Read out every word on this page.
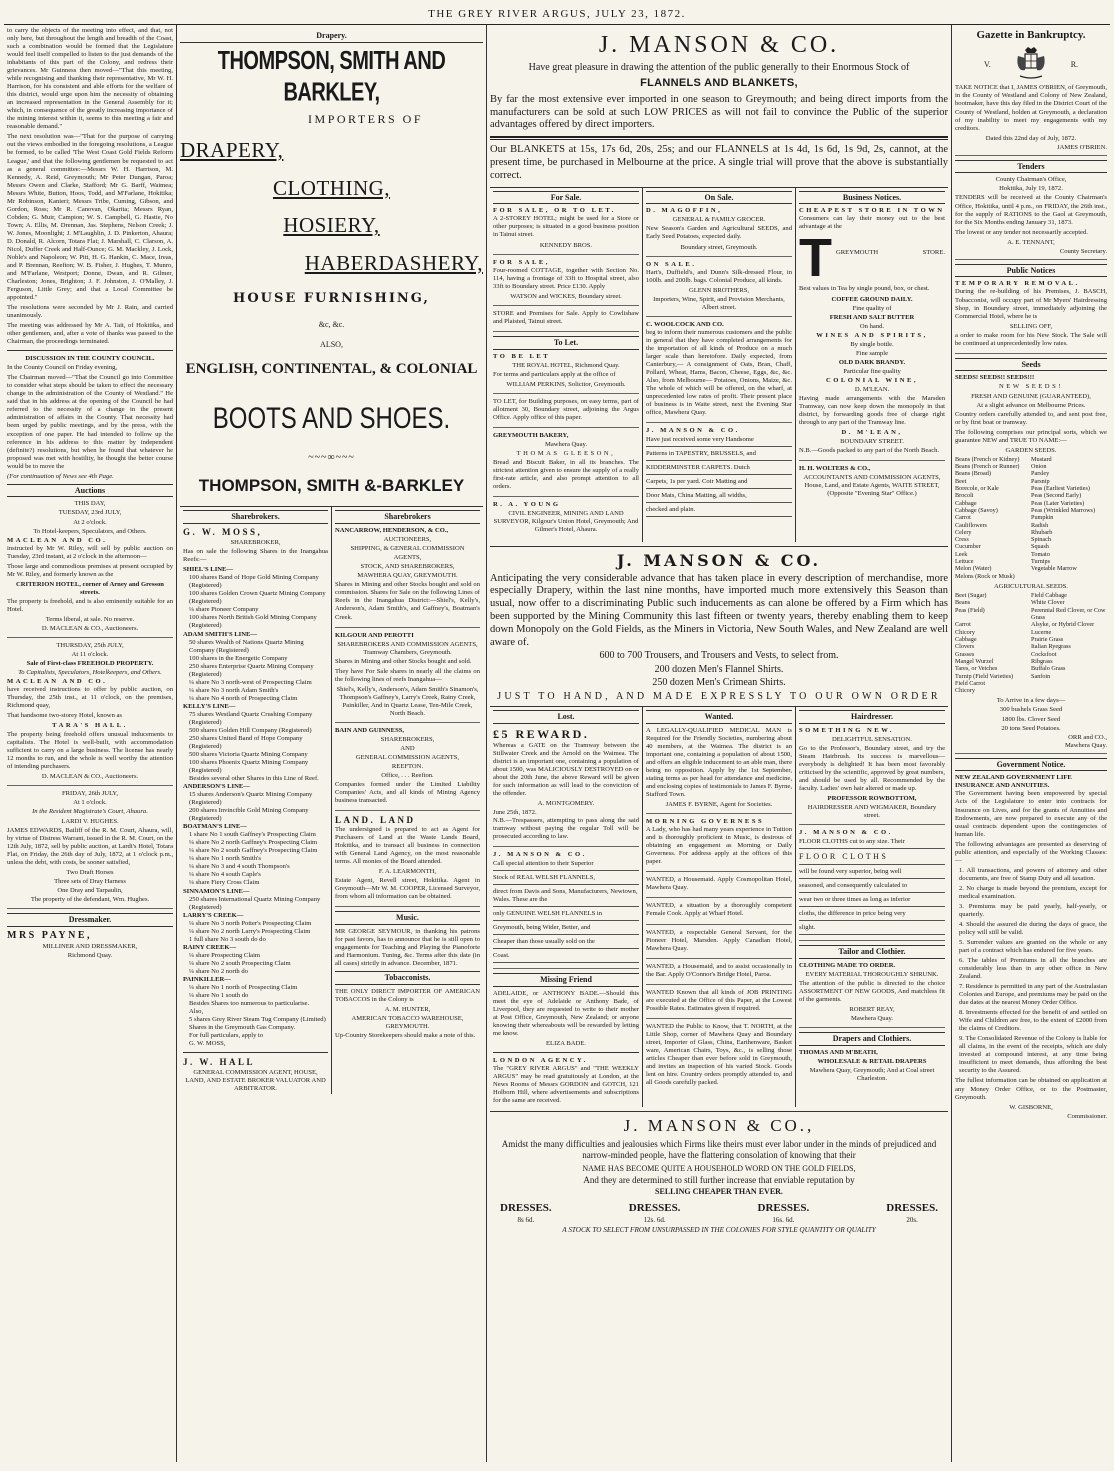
THE GREY RIVER ARGUS, JULY 23, 1872.

to carry the objects of the meeting into effect, and that, not only here, but throughout the length and breadth of the Coast, such a combination would be formed that the Legislature would feel itself compelled to listen to the just demands of the inhabitants of this part of the Colony, and redress their grievances. Mr Guinness then moved—"That this meeting, while recognising and thanking their representative, Mr W. H. Harrison, for his consistent and able efforts for the welfare of this district, would urge upon him the necessity of obtaining an increased representation in the General Assembly for it; which, in consequence of the greatly increasing importance of the mining interest within it, seems to this meeting a fair and reasonable demand."

The next resolution was—"That for the purpose of carrying out the views embodied in the foregoing resolutions, a League be formed, to be called 'The West Coast Gold Fields Reform League,' and that the following gentlemen be requested to act as a general committee:—Messrs W. H. Harrison, M. Kennedy, A. Reid, Greymouth; Mr Peter Dungan, Paroa; Messrs Owen and Clarke, Stafford; Mr G. Barff, Waimea; Messrs White, Button, Hoos, Todd, and M'Farlane, Hokitika; Mr Robinson, Kanieri; Messrs Tribe, Cuming, Gibson, and Gordon, Ross; Mr R. Canovan, Okarita; Messrs Ryan, Cobden; G. Muir, Campion; W. S. Campbell, G. Hastie, No Town; A. Ellis, M. Drennan, Jas. Stephens, Nelson Creek; J. W. Jones, Moonlight; J. M'Laughlin, J. D. Pinkerton, Ahaura; D. Donald, R. Alcorn, Totara Flat; J. Marshall, C. Clarson, A. Nicol, Duffer Creek and Half-Ounce; G. M. Mackley, J. Lock, Noble's and Napoleon; W. Pitt, H. G. Hankin, C. Mace, Ireas, and P. Brennan, Reefton; W. B. Fisher, J. Hughes, T. Munro, and M'Farlane, Westport; Donne, Dwan, and R. Gilmer, Charleston; Jones, Brighton; J. F. Johnston, J. O'Malley, J. Ferguson, Little Grey; and that a Local Committee be appointed."

The resolutions were seconded by Mr J. Rain, and carried unanimously.

The meeting was addressed by Mr A. Tait, of Hokitika, and other gentlemen, and, after a vote of thanks was passed to the Chairman, the proceedings terminated.

DISCUSSION IN THE COUNTY COUNCIL.

In the County Council on Friday evening,

The Chairman moved—"That the Council go into Committee to consider what steps should be taken to effect the necessary change in the administration of the County of Westland." He said that in his address at the opening of the Council he had referred to the necessity of a change in the present administration of affairs in the County. That necessity had been urged by public meetings, and by the press, with the exception of one paper. He had intended to follow up the reference in his address to this matter by independent (definite?) resolutions, but when he found that whatever he proposed was met with hostility, he thought the better course would be to move the

(For continuation of News see 4th Page.
Auctions
THIS DAY,
TUESDAY, 23rd JULY,
At 2 o'clock.
To Hotel-keepers, Speculators, and Others.
MACLEAN AND CO.

instructed by Mr W. Riley, will sell by public auction on Tuesday, 23rd instant, at 2 o'clock in the afternoon—

Those large and commodious premises at present occupied by Mr W. Riley, and formerly known as the

CRITERION HOTEL, corner of Arney and Gresson streets.

The property is freehold, and is also eminently suitable for an Hotel.

Terms liberal, at sale. No reserve.
D. MACLEAN & CO., Auctioneers.
THURSDAY, 25th JULY,
At 11 o'clock.
Sale of First-class FREEHOLD PROPERTY.
To Capitalists, Speculators, Hotelkeepers, and Others.
MACLEAN AND CO.

have received instructions to offer by public auction, on Thursday, the 25th inst., at 11 o'clock, on the premises, Richmond quay,

That handsome two-storey Hotel, known as

TARA'S HALL.

The property being freehold offers unusual inducements to capitalists. The Hotel is well-built, with accommodation sufficient to carry on a large business. The license has nearly 12 months to run, and the whole is well worthy the attention of intending purchasers.

D. MACLEAN & CO., Auctioneers.
FRIDAY, 26th JULY,
At 1 o'clock.
In the Resident Magistrate's Court, Ahaura.
LARDI V. HUGHES.

JAMES EDWARDS, Bailiff of the R. M. Court, Ahaura, will, by virtue of Distress Warrant, issued in the R. M. Court, on the 12th July, 1872, sell by public auction, at Lardi's Hotel, Totara Flat, on Friday, the 26th day of July, 1872, at 1 o'clock p.m., unless the debt, with costs, be sooner satisfied,

Two Draft Horses
Three sets of Dray Harness
One Dray and Tarpaulin,
The property of the defendant, Wm. Hughes.
Dressmaker.
MRS PAYNE,
MILLINER AND DRESSMAKER,
Richmond Quay.
Drapery.
THOMPSON, SMITH AND BARKLEY,
IMPORTERS OF
DRAPERY,
CLOTHING,
HOSIERY,
HABERDASHERY,
HOUSE FURNISHING,
&c, &c.
ALSO,
ENGLISH, CONTINENTAL, & COLONIAL
BOOTS AND SHOES.
~~~∞~~~
THOMPSON, SMITH &-BARKLEY
Sharebrokers.
G. W. MOSS,
SHAREBROKER,

Has on sale the following Shares in the Inangahua Reefs:—

SHIEL'S LINE—
100 shares Band of Hope Gold Mining Company (Registered)
100 shares Golden Crown Quartz Mining Company (Registered)
¼ share Pioneer Company
100 shares North British Gold Mining Company (Registered)
ADAM SMITH'S LINE—
50 shares Wealth of Nations Quartz Mining Company (Registered)
100 shares in the Energetic Company
250 shares Enterprise Quartz Mining Company (Registered)
¼ share No 3 north-west of Prospecting Claim
¼ share No 3 north Adam Smith's
¼ share No 4 north of Prospecting Claim
KELLY'S LINE—
75 shares Westland Quartz Crushing Company (Registered)
500 shares Golden Hill Company (Registered)
250 shares United Band of Hope Company (Registered)
500 shares Victoria Quartz Mining Company
100 shares Phoenix Quartz Mining Company (Registered)
Besides several other Shares in this Line of Reef.
ANDERSON'S LINE—
15 shares Anderson's Quartz Mining Company (Registered)
200 shares Invincible Gold Mining Company (Registered)
BOATMAN'S LINE—
1 share No 1 south Gaffney's Prospecting Claim
¼ share No 2 north Gaffney's Prospecting Claim
¼ share No 2 south Gaffney's Prospecting Claim
¼ share No 1 north Smith's
¼ share No 3 and 4 south Thompson's
¼ share No 4 south Caple's
¼ share Fiery Cross Claim
SINNAMON'S LINE—
250 shares International Quartz Mining Company (Registered)
LARRY'S CREEK—
¼ share No 3 north Potter's Prospecting Claim
¼ share No 2 north Larry's Prospecting Claim
1 full share No 3 south do do
RAINY CREEK—
¼ share Prospecting Claim
¼ share No 2 south Prospecting Claim
¼ share No 2 north do
PAINKILLER—
¼ share No 1 north of Prospecting Claim
¼ share No 1 south do
Besides Shares too numerous to particularise.
Also,
5 shares Grey River Steam Tug Company (Limited)
Shares in the Greymouth Gas Company.
For full particulars, apply to
G. W. MOSS,
J. W. HALL
GENERAL COMMISSION AGENT, HOUSE, LAND, AND ESTATE BROKER VALUATOR AND ARBITRATOR.
Sharebrokers
NANCARROW, HENDERSON, & CO.,
AUCTIONEERS,
SHIPPING, & GENERAL COMMISSION
AGENTS,
STOCK, AND SHAREBROKERS,
MAWHERA QUAY, GREYMOUTH.

Shares in Mining and other Stocks bought and sold on commission. Shares for Sale on the following Lines of Reefs in the Inangahua District:—Shiel's, Kelly's, Anderson's, Adam Smith's, and Gaffney's, Boatman's Creek.

KILGOUR AND PEROTTI
SHAREBROKERS AND COMMISSION AGENTS, Tramway Chambers, Greymouth.

Shares in Mining and other Stocks bought and sold.

They have For Sale shares in nearly all the claims on the following lines of reefs Inangahua—

Shiel's, Kelly's, Anderson's, Adam Smith's Sinamon's, Thompson's Gaffney's, Larry's Creek, Rainy Creek, Painkiller, And in Quartz Lease, Ten-Mile Creek, North Beach.
BAIN AND GUINNESS,
SHAREBROKERS,
AND
GENERAL COMMISSION AGENTS,
REEFTON.
Office, . . . Reefton.

Companies formed under the Limited Liability Companies' Acts, and all kinds of Mining Agency business transacted.

LAND. LAND

The undersigned is prepared to act as Agent for Purchasers of Land at the Waste Lands Board, Hokitika, and to transact all business in connection with General Land Agency, on the most reasonable terms. All monies of the Board attended.

F. A. LEARMONTH,

Estate Agent, Revell street, Hokitika. Agent in Greymouth—Mr W. M. COOPER, Licensed Surveyor, from whom all information can be obtained.

Music.

MR GEORGE SEYMOUR, in thanking his patrons for past favors, has to announce that he is still open to engagements for Teaching and Playing the Pianoforte and Harmonium. Tuning, &c. Terms after this date (in all cases) strictly in advance. December, 1871.

Tobacconists.

THE ONLY DIRECT IMPORTER OF AMERICAN TOBACCOS in the Colony is

A. M. HUNTER,
AMERICAN TOBACCO WAREHOUSE, GREYMOUTH.

Up-Country Storekeepers should make a note of this.

J. MANSON & CO.
Have great pleasure in drawing the attention of the public generally to their Enormous Stock of
FLANNELS AND BLANKETS,
By far the most extensive ever imported in one season to Greymouth; and being direct imports from the manufacturers can be sold at such LOW PRICES as will not fail to convince the Public of the superior advantages offered by direct importers.
Our BLANKETS at 15s, 17s 6d, 20s, 25s; and our FLANNELS at 1s 4d, 1s 6d, 1s 9d, 2s, cannot, at the present time, be purchased in Melbourne at the price. A single trial will prove that the above is substantially correct.
For Sale.
FOR SALE, OR TO LET.

A 2-STOREY HOTEL; might be used for a Store or other purposes; is situated in a good business position in Tainui street.

KENNEDY BROS.
FOR SALE,

Four-roomed COTTAGE, together with Section No. 114, having a frontage of 33ft to Hospital street, also 33ft to Boundary street. Price £130. Apply

WATSON and WICKES, Boundary street.

STORE and Premises for Sale. Apply to Cowlishaw and Plaisted, Tainui street.

To Let.
TO BE LET
THE ROYAL HOTEL, Richmond Quay.

For terms and particulars apply at the office of

WILLIAM PERKINS, Solicitor, Greymouth.

TO LET, for Building purposes, on easy terms, part of allotment 30, Boundary street, adjoining the Argus Office. Apply office of this paper.

GREYMOUTH BAKERY,
Mawhera Quay.
THOMAS GLEESON,

Bread and Biscuit Baker, in all its branches. The strictest attention given to ensure the supply of a really first-rate article, and also prompt attention to all orders.

R. A. YOUNG
CIVIL ENGINEER, MINING AND LAND SURVEYOR, Kilgour's Union Hotel, Greymouth; And Gilmer's Hotel, Ahaura.
On Sale.
D. MAGOFFIN,
GENERAL & FAMILY GROCER.

New Season's Garden and Agricultural SEEDS, and Early Seed Potatoes, expected daily.

Boundary street, Greymouth.
ON SALE.

Hart's, Duffield's, and Dunn's Silk-dressed Flour, in 100lb. and 200lb. bags. Colonial Produce, all kinds.

GLENN BROTHERS,
Importers, Wine, Spirit, and Provision Merchants, Albert street.
C. WOOLCOCK AND CO.

beg to inform their numerous customers and the public in general that they have completed arrangements for the importation of all kinds of Produce on a much larger scale than heretofore. Daily expected, from Canterbury,— A consignment of Oats, Bran, Chaff, Pollard, Wheat, Hams, Bacon, Cheese, Eggs, &c, &c. Also, from Melbourne— Potatoes, Onions, Maize, &c. The whole of which will be offered, on the wharf, at unprecedented low rates of profit. Their present place of business is in Waite street, next the Evening Star office, Mawhera Quay.

J. MANSON & CO.
Have just received some very Handsome
Patterns in TAPESTRY, BRUSSELS, and
KIDDERMINSTER CARPETS. Dutch
Carpets, 1s per yard. Coir Matting and
Door Mats, China Matting, all widths,
checked and plain.
Business Notices.
CHEAPEST STORE IN TOWN

Consumers can lay their money out to the best advantage at the

T GREYMOUTH	STORE.

Best values in Tea by single pound, box, or chest.

COFFEE GROUND DAILY.
Fine quality of
FRESH AND SALT BUTTER
On hand.
WINES AND SPIRITS,
By single bottle.
Fine sample
OLD DARK BRANDY.
Particular fine quality
COLONIAL WINE,
D. M'LEAN.

Having made arrangements with the Marsden Tramway, can now keep down the monopoly in that district, by forwarding goods free of charge right through to any part of the Tramway line.

D. M'LEAN,
BOUNDARY STREET.

N.B.—Goods packed to any part of the North Beach.

H. H. WOLTERS & CO.,
ACCOUNTANTS AND COMMISSION AGENTS, House, Land, and Estate Agents, WAITE STREET, (Opposite "Evening Star" Office.)
J. MANSON & CO.
Anticipating the very considerable advance that has taken place in every description of merchandise, more especially Drapery, within the last nine months, have imported much more extensively this Season than usual, now offer to a discriminating Public such inducements as can alone be offered by a Firm which has been supported by the Mining Community this last fifteen or twenty years, thereby enabling them to keep down Monopoly on the Gold Fields, as the Miners in Victoria, New South Wales, and New Zealand are well aware of.
600 to 700 Trousers, and Trousers and Vests, to select from.
200 dozen Men's Flannel Shirts.
250 dozen Men's Crimean Shirts.
JUST TO HAND, AND MADE EXPRESSLY TO OUR OWN ORDER
Lost.
£5 REWARD.

Whereas a GATE on the Tramway between the Stillwater Creek and the Arnold on the Waimea. The district is an important one, containing a population of about 1500, was MALICIOUSLY DESTROYED on or about the 20th June, the above Reward will be given for such information as will lead to the conviction of the offender.

A. MONTGOMERY.
June 25th, 1872.

N.B.—Trespassers, attempting to pass along the said tramway without paying the regular Toll will be prosecuted according to law.

J. MANSON & CO.
Call special attention to their Superior
Stock of REAL WELSH FLANNELS,
direct from Davis and Sons, Manufacturers, Newtown, Wales. These are the
only GENUINE WELSH FLANNELS in
Greymouth, being Wider, Better, and
Cheaper than those usually sold on the
Coast.
Missing Friend

ADELAIDE, or ANTHONY BADE.—Should this meet the eye of Adelaide or Anthony Bade, of Liverpool, they are requested to write to their mother at Post Office, Greymouth, New Zealand; or anyone knowing their whereabouts will be rewarded by letting me know.

ELIZA BADE.
LONDON AGENCY.

The "GREY RIVER ARGUS" and "THE WEEKLY ARGUS" may be read gratuitously at London, at the News Rooms of Messrs GORDON and GOTCH, 121 Holborn Hill, where advertisements and subscriptions for the same are received.

Wanted.

A LEGALLY-QUALIFIED MEDICAL MAN is Required for the Friendly Societies, numbering about 40 members, at the Waimea. The district is an important one, containing a population of about 1500, and offers an eligible inducement to an able man, there being no opposition. Apply by the 1st September, stating terms as per head for attendance and medicine, and enclosing copies of testimonials to James F. Byrne, Stafford Town.

JAMES F. BYRNE, Agent for Societies.
MORNING GOVERNESS

A Lady, who has had many years experience in Tuition and is thoroughly proficient in Music, is desirous of obtaining an engagement as Morning or Daily Governess. For address apply at the offices of this paper.

WANTED, a Housemaid. Apply Cosmopolitan Hotel, Mawhera Quay.

WANTED, a situation by a thoroughly competent Female Cook. Apply at Wharf Hotel.

WANTED, a respectable General Servant, for the Pioneer Hotel, Marsden. Apply Canadian Hotel, Mawhera Quay.

WANTED, a Housemaid, and to assist occasionally in the Bar. Apply O'Connor's Bridge Hotel, Paroa.

WANTED Known that all kinds of JOB PRINTING are executed at the Office of this Paper, at the Lowest Possible Rates. Estimates given if required.

WANTED the Public to Know, that T. NORTH, at the Little Shop, corner of Mawhera Quay and Boundary street, Importer of Glass, China, Earthenware, Basket ware, American Chairs, Toys, &c., is selling those articles Cheaper than ever before sold in Greymouth, and invites an inspection of his varied Stock. Goods lent on hire. Country orders promptly attended to, and all Goods carefully packed.

Hairdresser.
SOMETHING NEW.
DELIGHTFUL SENSATION.

Go to the Professor's, Boundary street, and try the Steam Hairbrush. Its success is marvellous—everybody is delighted! It has been most favorably criticised by the scientific, approved by great numbers, and should be used by all. Recommended by the faculty. Ladies' own hair altered or made up.

PROFESSOR ROWBOTTOM,
HAIRDRESSER AND WIGMAKER, Boundary street.
J. MANSON & CO.
FLOOR CLOTHS cut to any size. Their
FLOOR CLOTHS
will be found very superior, being well
seasoned, and consequently calculated to
wear two or three times as long as inferior
cloths, the difference in price being very
slight.
Tailor and Clothier.
CLOTHING MADE TO ORDER.
EVERY MATERIAL THOROUGHLY SHRUNK.

The attention of the public is directed to the choice ASSORTMENT OF NEW GOODS, And matchless fit of the garments.

ROBERT REAY,
Mawhera Quay.
Drapers and Clothiers.
THOMAS AND M'BEATH,
WHOLESALE & RETAIL DRAPERS
Mawhera Quay, Greymouth; And at Coal street Charleston.
J. MANSON & CO.,
Amidst the many difficulties and jealousies which Firms like theirs must ever labor under in the minds of prejudiced and narrow-minded people, have the flattering consolation of knowing that their
NAME HAS BECOME QUITE A HOUSEHOLD WORD ON THE GOLD FIELDS,
And they are determined to still further increase that enviable reputation by
SELLING CHEAPER THAN EVER.
DRESSES.
8s 6d.
DRESSES.
12s. 6d.
DRESSES.
16s. 6d.
DRESSES.
20s.
A STOCK TO SELECT FROM UNSURPASSED IN THE COLONIES FOR STYLE QUANTITY OR QUALITY
Gazette in Bankruptcy.
V.	R.

TAKE NOTICE that I, JAMES O'BRIEN, of Greymouth, in the County of Westland and Colony of New Zealand, bootmaker, have this day filed in the District Court of the County of Westland, holden at Greymouth, a declaration of my inability to meet my engagements with my creditors.

Dated this 22nd day of July, 1872.
JAMES O'BRIEN.
Tenders
County Chairman's Office,
Hokitika, July 19, 1872.

TENDERS will be received at the County Chairman's Office, Hokitika, until 4 p.m., on FRIDAY, the 26th inst., for the supply of RATIONS to the Gaol at Greymouth, for the Six Months ending January 31, 1873.

The lowest or any tender not necessarily accepted.

A. E. TENNANT,
County Secretary.
Public Notices
TEMPORARY REMOVAL.

During the re-building of his Premises, J. BASCH, Tobacconist, will occupy part of Mr Myers' Hairdressing Shop, in Boundary street, immediately adjoining the Commercial Hotel, where he is

SELLING OFF,

a order to make room for his New Stock. The Sale will be continued at unprecedentedly low rates.

Seeds
SEEDS! SEEDS!! SEEDS!!!
NEW SEEDS!
FRESH AND GENUINE (GUARANTEED),
At a slight advance on Melbourne Prices.

Country orders carefully attended to, and sent post free, or by first boat or tramway.

The following comprises our principal sorts, which we guarantee NEW and TRUE TO NAME:—

GARDEN SEEDS.
Beans (French or Kidney)	Mustard
Beans (French or Runner)	Onion
Beans (Broad)	Parsley
Beet	Parsnip
Borecole, or Kale	Peas (Earliest Varieties)
Brocoli	Peas (Second Early)
Cabbage	Peas (Later Varieties)
Cabbage (Savoy)	Peas (Wrinkled Marrows)
Carrot	Pumpkin
Cauliflowers	Radish
Celery	Rhubarb
Cress	Spinach
Cucumber	Squash
Leek	Tomato
Lettuce	Turnips
Melon (Water)	Vegetable Marrow
Melons (Rock or Musk)	
AGRICULTURAL SEEDS.
Beet (Sugar)	Field Cabbage
Beans	White Clover
Peas (Field)	Perennial Red Clover, or Cow Grass
Carrot	Alsyke, or Hybrid Clover
Chicory	Lucerne
Cabbage	Prairie Grass
Clovers	Italian Ryegrass
Grasses	Cocksfoot
Mangel Wurzel	Ribgrass
Tares, or Vetches	Buffalo Grass
Turnip (Field Varieties)	Sanfoin
Field Carrot	
Chicory	
To Arrive in a few days—
300 bushels Grass Seed
1800 lbs. Clover Seed
20 tons Seed Potatoes.
ORR and CO.,
Mawhera Quay.
Government Notice.
NEW ZEALAND GOVERNMENT LIFE INSURANCE AND ANNUITIES.

The Government having been empowered by special Acts of the Legislature to enter into contracts for Insurance on Lives, and for the grants of Annuities and Endowments, are now prepared to execute any of the usual contracts dependent upon the contingencies of human life.

The following advantages are presented as deserving of public attention, and especially of the Working Classes:—

1. All transactions, and powers of attorney and other documents, are free of Stamp Duty and all taxation.

2. No charge is made beyond the premium, except for medical examination.

3. Premiums may be paid yearly, half-yearly, or quarterly.

4. Should the assured die during the days of grace, the policy will still be valid.

5. Surrender values are granted on the whole or any part of a contract which has endured for five years.

6. The tables of Premiums in all the branches are considerably less than in any other office in New Zealand.

7. Residence is permitted in any part of the Australasian Colonies and Europe, and premiums may be paid on the due dates at the nearest Money Order Office.

8. Investments effected for the benefit of and settled on Wife and Children are free, to the extent of £2000 from the claims of Creditors.

9. The Consolidated Revenue of the Colony is liable for all claims, in the event of the receipts, which are duly invested at compound interest, at any time being insufficient to meet demands, thus affording the best security to the Assured.

The fullest information can be obtained on application at any Money Order Office, or to the Postmaster, Greymouth.

W. GISBORNE,
Commissioner.
